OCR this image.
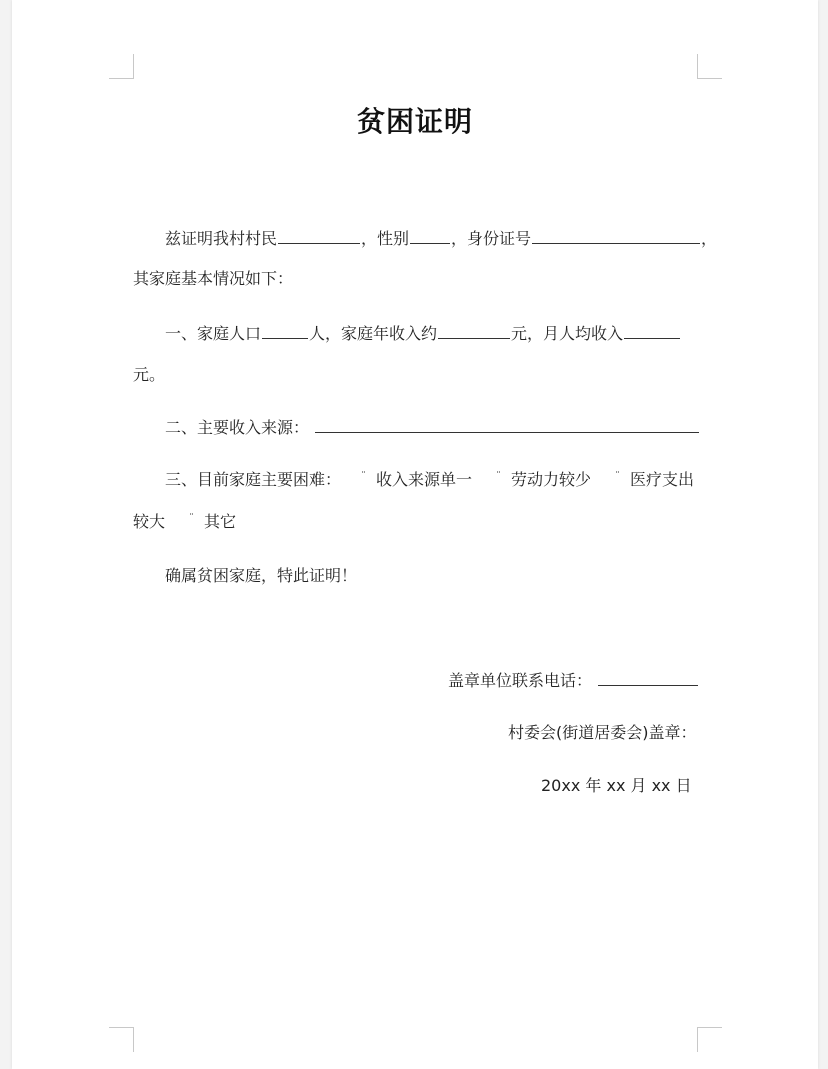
贫困证明
兹证明我村村民	，性别	，身份证号	，
其家庭基本情况如下：
一、家庭人口	人，家庭年收入约	元，月人均收入
元。
二、主要收入来源：
三、目前家庭主要困难： ¨ 收入来源单一 ¨ 劳动力较少 ¨ 医疗支出
较大 ¨ 其它
确属贫困家庭，特此证明！
盖章单位联系电话：
村委会(街道居委会)盖章：
20xx 年 xx 月 xx 日
